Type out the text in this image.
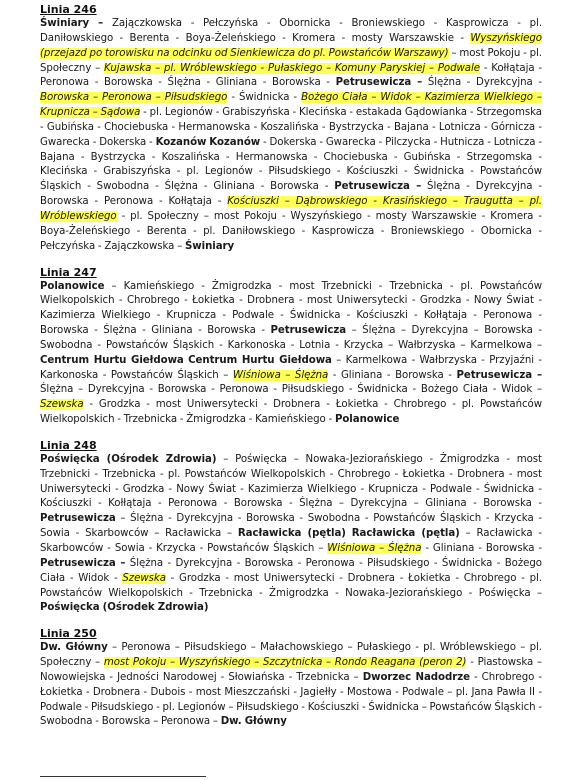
Linia 246
Świniary – Zajączkowska - Pełczyńska - Obornicka - Broniewskiego - Kasprowicza - pl. Daniłowskiego - Berenta - Boya-Żeleńskiego - Kromera - mosty Warszawskie - Wyszyńskiego (przejazd po torowisku na odcinku od Sienkiewicza do pl. Powstańców Warszawy) – most Pokoju - pl. Społeczny – Kujawska – pl. Wróblewskiego - Pułaskiego – Komuny Paryskiej – Podwale - Kołłątaja - Peronowa - Borowska - Ślężna - Gliniana - Borowska - Petrusewicza – Ślężna - Dyrekcyjna - Borowska – Peronowa – Piłsudskiego - Świdnicka - Bożego Ciała – Widok – Kazimierza Wielkiego – Krupnicza – Sądowa - pl. Legionów - Grabiszyńska - Klecińska - estakada Gądowianka - Strzegomska - Gubińska - Chociebuska - Hermanowska - Koszalińska - Bystrzycka - Bajana - Lotnicza - Górnicza - Gwarecka - Dokerska - Kozanów Kozanów - Dokerska - Gwarecka - Pilczycka - Hutnicza - Lotnicza - Bajana - Bystrzycka - Koszalińska - Hermanowska - Chociebuska - Gubińska - Strzegomska - Klecińska - Grabiszyńska - pl. Legionów - Piłsudskiego - Kościuszki - Świdnicka - Powstańców Śląskich - Swobodna - Ślężna - Gliniana - Borowska - Petrusewicza – Ślężna - Dyrekcyjna - Borowska - Peronowa - Kołłątaja - Kościuszki – Dąbrowskiego - Krasińskiego – Traugutta – pl. Wróblewskiego - pl. Społeczny – most Pokoju - Wyszyńskiego - mosty Warszawskie - Kromera - Boya-Żeleńskiego - Berenta - pl. Daniłowskiego - Kasprowicza - Broniewskiego - Obornicka - Pełczyńska - Zajączkowska – Świniary
Linia 247
Polanowice – Kamieńskiego - Żmigrodzka - most Trzebnicki - Trzebnicka - pl. Powstańców Wielkopolskich - Chrobrego - Łokietka - Drobnera - most Uniwersytecki - Grodzka - Nowy Świat - Kazimierza Wielkiego - Krupnicza - Podwale - Świdnicka - Kościuszki - Kołłątaja - Peronowa - Borowska - Ślężna - Gliniana - Borowska - Petrusewicza – Ślężna – Dyrekcyjna – Borowska - Swobodna - Powstańców Śląskich - Karkonoska - Lotnia - Krzycka – Wałbrzyska – Karmelkowa – Centrum Hurtu Giełdowa Centrum Hurtu Giełdowa – Karmelkowa - Wałbrzyska - Przyjaźni - Karkonoska - Powstańców Śląskich – Wiśniowa – Ślężna - Gliniana - Borowska - Petrusewicza – Ślężna – Dyrekcyjna - Borowska - Peronowa - Piłsudskiego - Świdnicka - Bożego Ciała - Widok – Szewska - Grodzka - most Uniwersytecki - Drobnera - Łokietka - Chrobrego - pl. Powstańców Wielkopolskich - Trzebnicka - Żmigrodzka - Kamieńskiego - Polanowice
Linia 248
Poświęcka (Ośrodek Zdrowia) – Poświęcka – Nowaka-Jeziorańskiego - Żmigrodzka - most Trzebnicki - Trzebnicka - pl. Powstańców Wielkopolskich - Chrobrego - Łokietka - Drobnera - most Uniwersytecki - Grodzka - Nowy Świat - Kazimierza Wielkiego - Krupnicza - Podwale - Świdnicka - Kościuszki - Kołłątaja - Peronowa - Borowska - Ślężna – Dyrekcyjna – Gliniana - Borowska - Petrusewicza – Ślężna - Dyrekcyjna - Borowska - Swobodna - Powstańców Śląskich - Krzycka - Sowia - Skarbowców – Racławicka – Racławicka (pętla) Racławicka (pętla) – Racławicka - Skarbowców - Sowia - Krzycka - Powstańców Śląskich – Wiśniowa – Ślężna - Gliniana - Borowska - Petrusewicza – Ślężna - Dyrekcyjna - Borowska - Peronowa - Piłsudskiego - Świdnicka - Bożego Ciała - Widok - Szewska - Grodzka - most Uniwersytecki - Drobnera - Łokietka - Chrobrego - pl. Powstańców Wielkopolskich - Trzebnicka - Żmigrodzka - Nowaka-Jeziorańskiego - Poświęcka – Poświęcka (Ośrodek Zdrowia)
Linia 250
Dw. Główny – Peronowa – Piłsudskiego – Małachowskiego – Pułaskiego - pl. Wróblewskiego – pl. Społeczny – most Pokoju – Wyszyńskiego – Szczytnicka – Rondo Reagana (peron 2) - Piastowska – Nowowiejska - Jedności Narodowej - Słowiańska - Trzebnicka – Dworzec Nadodrze - Chrobrego - Łokietka - Drobnera - Dubois - most Mieszczański - Jagiełły - Mostowa - Podwale – pl. Jana Pawła II - Podwale - Piłsudskiego - pl. Legionów – Piłsudskiego - Kościuszki - Świdnicka – Powstańców Śląskich - Swobodna - Borowska – Peronowa – Dw. Główny
